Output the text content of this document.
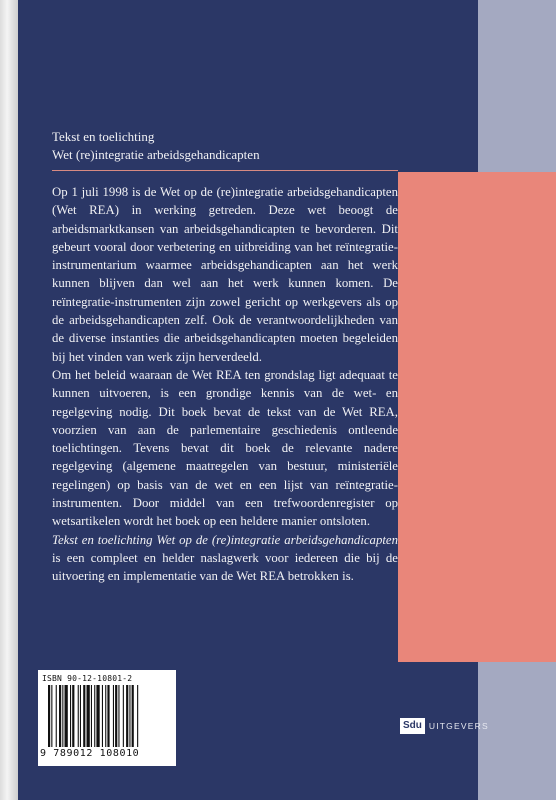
Tekst en toelichting
Wet (re)integratie arbeidsgehandicapten

Op 1 juli 1998 is de Wet op de (re)integratie arbeidsgehandicapten (Wet REA) in werking getreden. Deze wet beoogt de arbeidsmarktkansen van arbeidsgehandicapten te bevorderen. Dit gebeurt vooral door verbetering en uitbreiding van het reïntegratie-instrumentarium waarmee arbeidsgehandicapten aan het werk kunnen blijven dan wel aan het werk kunnen komen. De reïntegratie-instrumenten zijn zowel gericht op werkgevers als op de arbeidsgehandicapten zelf. Ook de verantwoordelijkheden van de diverse instanties die arbeidsgehandicapten moeten begeleiden bij het vinden van werk zijn herverdeeld.

Om het beleid waaraan de Wet REA ten grondslag ligt adequaat te kunnen uitvoeren, is een grondige kennis van de wet- en regelgeving nodig. Dit boek bevat de tekst van de Wet REA, voorzien van aan de parlementaire geschiedenis ontleende toelichtingen. Tevens bevat dit boek de relevante nadere regelgeving (algemene maatregelen van bestuur, ministeriële regelingen) op basis van de wet en een lijst van reïntegratie-instrumenten. Door middel van een trefwoordenregister op wetsartikelen wordt het boek op een heldere manier ontsloten.

Tekst en toelichting Wet op de (re)integratie arbeidsgehandicapten is een compleet en helder naslagwerk voor iedereen die bij de uitvoering en implementatie van de Wet REA betrokken is.

ISBN 90-12-10801-2
9 789012 108010
Sdu UITGEVERS
